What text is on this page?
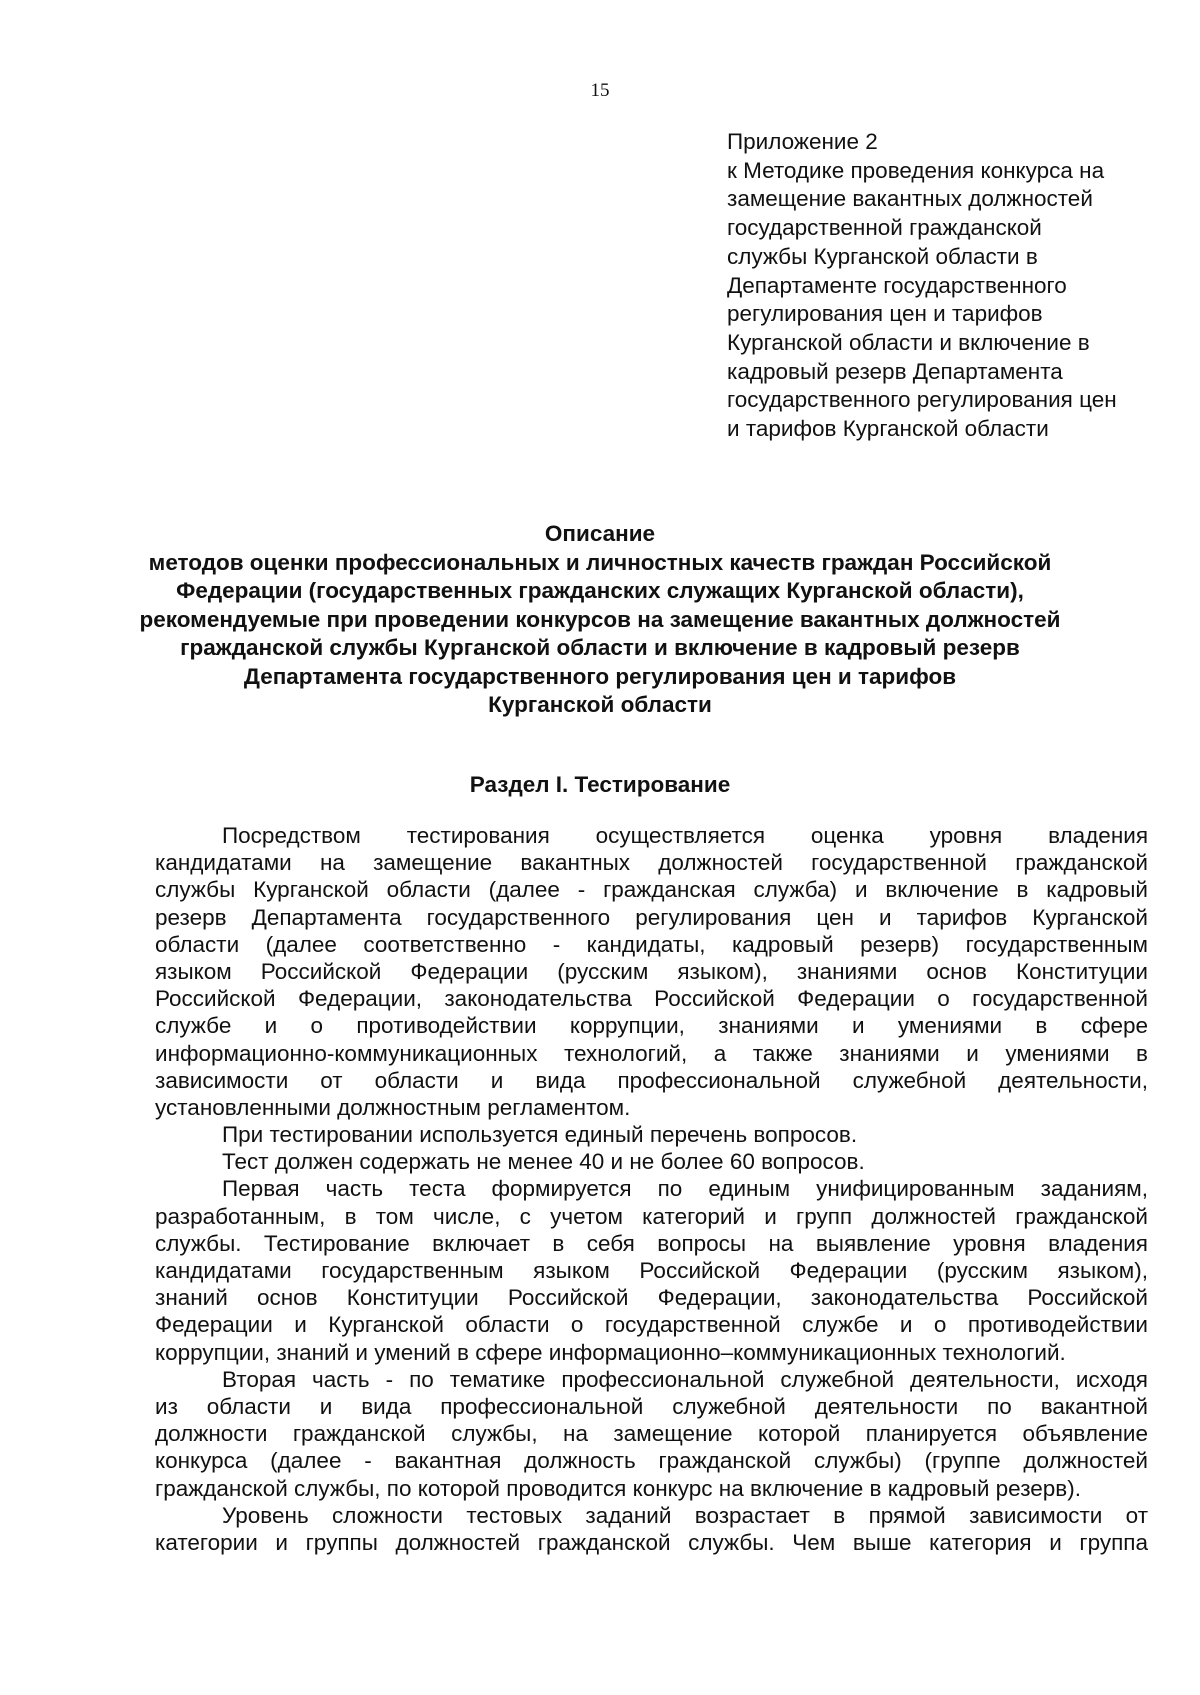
15
Приложение 2
к Методике проведения конкурса на
замещение вакантных должностей
государственной гражданской
службы Курганской области в
Департаменте государственного
регулирования цен и тарифов
Курганской области и включение в
кадровый резерв Департамента
государственного регулирования цен
и тарифов Курганской области
Описание
методов оценки профессиональных и личностных качеств граждан Российской
Федерации (государственных гражданских служащих Курганской области),
рекомендуемые при проведении конкурсов на замещение вакантных должностей
гражданской службы Курганской области и включение в кадровый резерв
Департамента государственного регулирования цен и тарифов
Курганской области
Раздел I. Тестирование
Посредством тестирования осуществляется оценка уровня владения
кандидатами на замещение вакантных должностей государственной гражданской
службы Курганской области (далее - гражданская служба) и включение в кадровый
резерв Департамента государственного регулирования цен и тарифов Курганской
области (далее соответственно - кандидаты, кадровый резерв) государственным
языком Российской Федерации (русским языком), знаниями основ Конституции
Российской Федерации, законодательства Российской Федерации о государственной
службе и о противодействии коррупции, знаниями и умениями в сфере
информационно-коммуникационных технологий, а также знаниями и умениями в
зависимости от области и вида профессиональной служебной деятельности,
установленными должностным регламентом.
При тестировании используется единый перечень вопросов.
Тест должен содержать не менее 40 и не более 60 вопросов.
Первая часть теста формируется по единым унифицированным заданиям,
разработанным, в том числе, с учетом категорий и групп должностей гражданской
службы. Тестирование включает в себя вопросы на выявление уровня владения
кандидатами государственным языком Российской Федерации (русским языком),
знаний основ Конституции Российской Федерации, законодательства Российской
Федерации и Курганской области о государственной службе и о противодействии
коррупции, знаний и умений в сфере информационно–коммуникационных технологий.
Вторая часть - по тематике профессиональной служебной деятельности, исходя
из области и вида профессиональной служебной деятельности по вакантной
должности гражданской службы, на замещение которой планируется объявление
конкурса (далее - вакантная должность гражданской службы) (группе должностей
гражданской службы, по которой проводится конкурс на включение в кадровый резерв).
Уровень сложности тестовых заданий возрастает в прямой зависимости от
категории и группы должностей гражданской службы. Чем выше категория и группа
